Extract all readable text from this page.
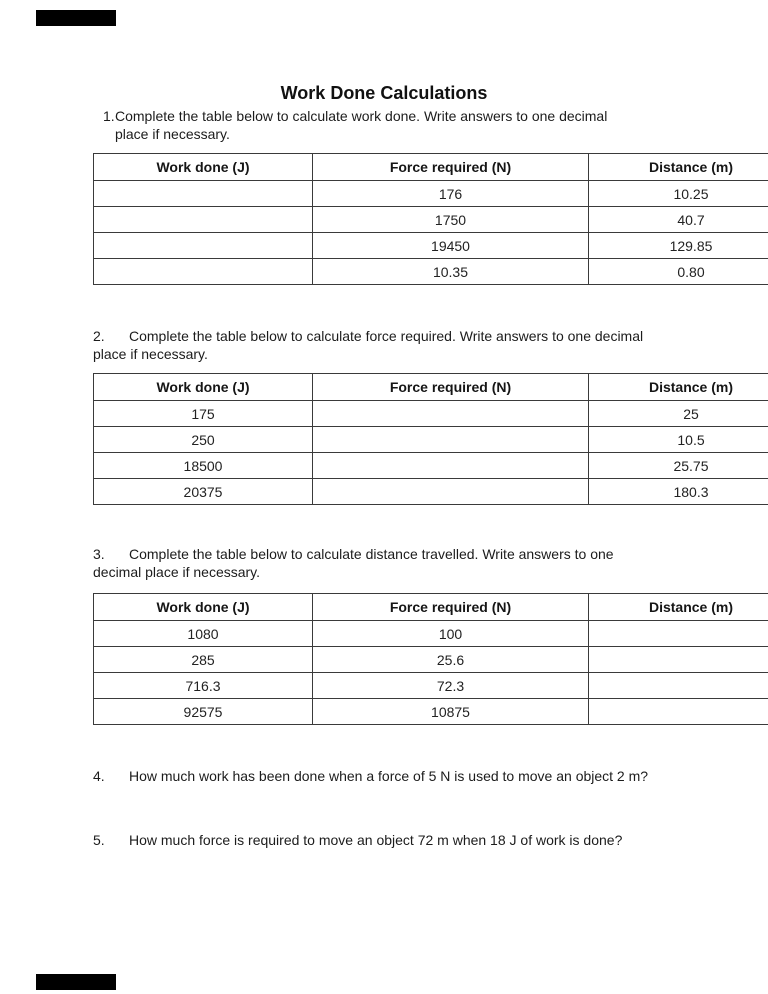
Work Done Calculations
1.Complete the table below to calculate work done. Write answers to one decimal
place if necessary.
Work done (J)	Force required (N)	Distance (m)
	176	10.25
	1750	40.7
	19450	129.85
	10.35	0.80
2. Complete the table below to calculate force required. Write answers to one decimal
place if necessary.
Work done (J)	Force required (N)	Distance (m)
175		25
250		10.5
18500		25.75
20375		180.3
3. Complete the table below to calculate distance travelled. Write answers to one
decimal place if necessary.
Work done (J)	Force required (N)	Distance (m)
1080	100	
285	25.6	
716.3	72.3	
92575	10875	
4. How much work has been done when a force of 5 N is used to move an object 2 m?
5. How much force is required to move an object 72 m when 18 J of work is done?
